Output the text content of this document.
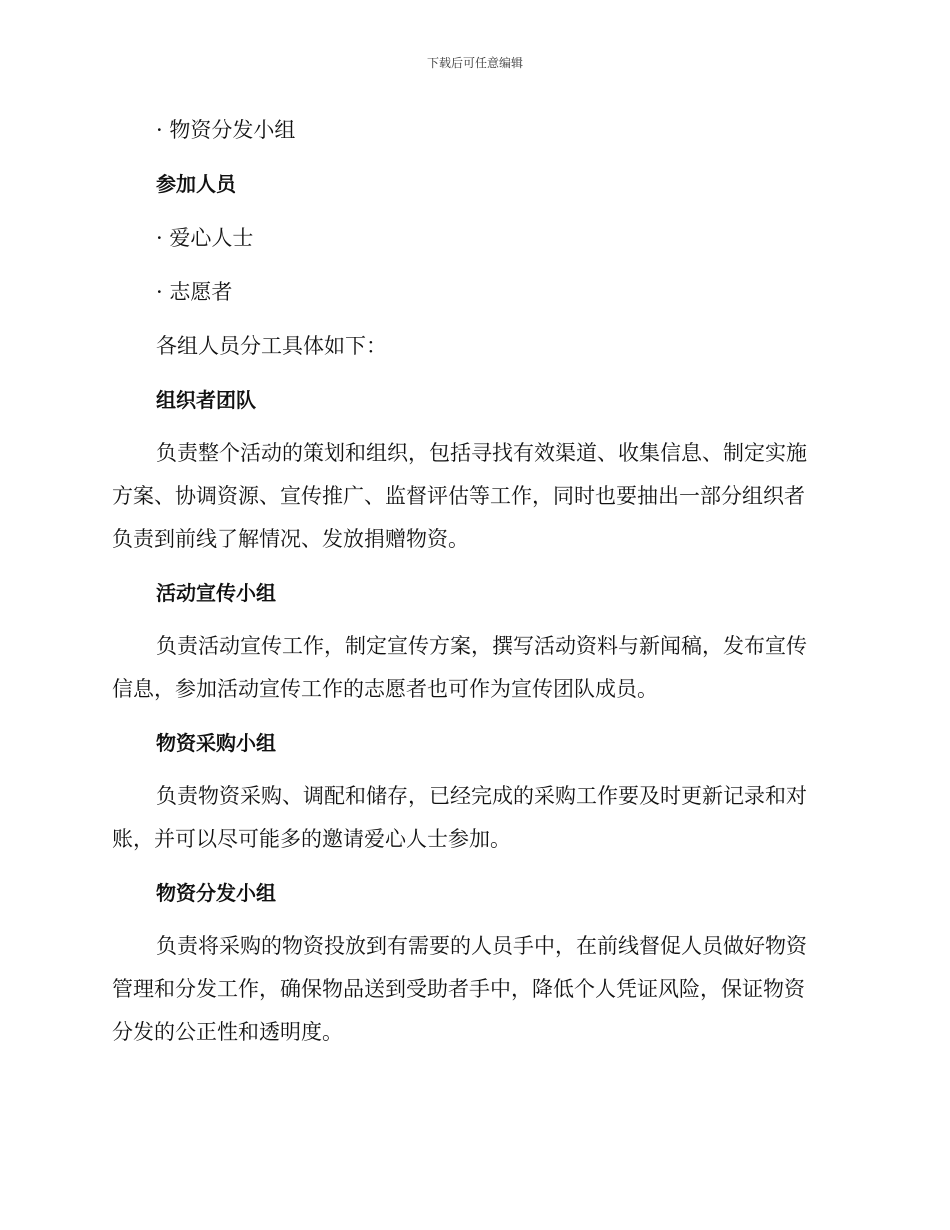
下载后可任意编辑
· 物资分发小组
参加人员
· 爱心人士
· 志愿者
各组人员分工具体如下：
组织者团队
负责整个活动的策划和组织，包括寻找有效渠道、收集信息、制定实施
方案、协调资源、宣传推广、监督评估等工作，同时也要抽出一部分组织者
负责到前线了解情况、发放捐赠物资。
活动宣传小组
负责活动宣传工作，制定宣传方案，撰写活动资料与新闻稿，发布宣传
信息，参加活动宣传工作的志愿者也可作为宣传团队成员。
物资采购小组
负责物资采购、调配和储存，已经完成的采购工作要及时更新记录和对
账，并可以尽可能多的邀请爱心人士参加。
物资分发小组
负责将采购的物资投放到有需要的人员手中，在前线督促人员做好物资
管理和分发工作，确保物品送到受助者手中，降低个人凭证风险，保证物资
分发的公正性和透明度。
